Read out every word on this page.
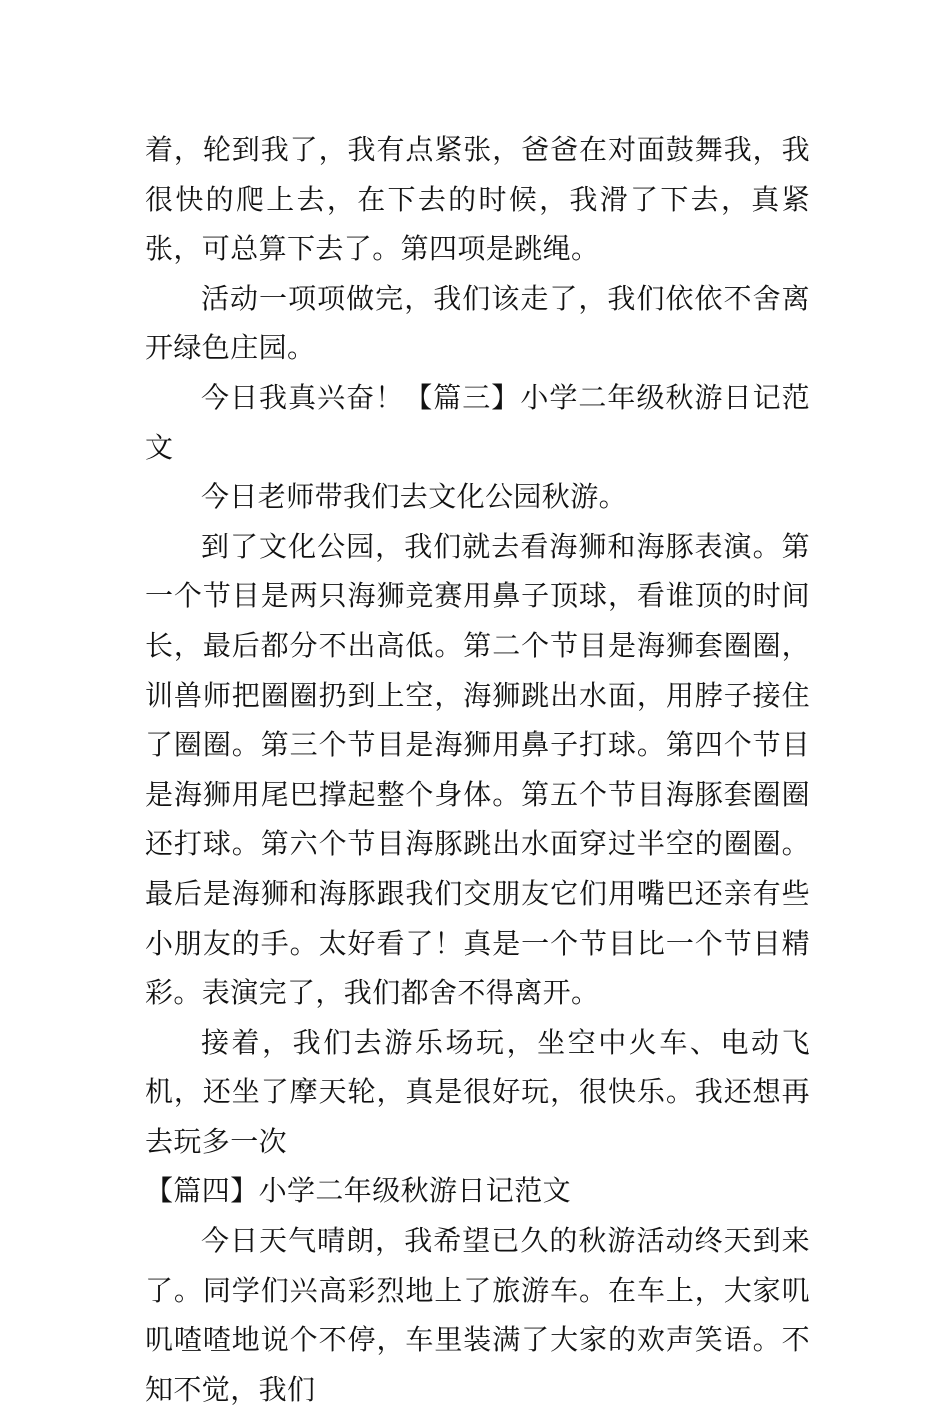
着，轮到我了，我有点紧张，爸爸在对面鼓舞我，我很快的爬上去，在下去的时候，我滑了下去，真紧张，可总算下去了。第四项是跳绳。

活动一项项做完，我们该走了，我们依依不舍离开绿色庄园。

今日我真兴奋！【篇三】小学二年级秋游日记范文

今日老师带我们去文化公园秋游。

到了文化公园，我们就去看海狮和海豚表演。第一个节目是两只海狮竞赛用鼻子顶球，看谁顶的时间长，最后都分不出高低。第二个节目是海狮套圈圈，训兽师把圈圈扔到上空，海狮跳出水面，用脖子接住了圈圈。第三个节目是海狮用鼻子打球。第四个节目是海狮用尾巴撑起整个身体。第五个节目海豚套圈圈还打球。第六个节目海豚跳出水面穿过半空的圈圈。最后是海狮和海豚跟我们交朋友它们用嘴巴还亲有些小朋友的手。太好看了！真是一个节目比一个节目精彩。表演完了，我们都舍不得离开。

接着，我们去游乐场玩，坐空中火车、电动飞机，还坐了摩天轮，真是很好玩，很快乐。我还想再去玩多一次

【篇四】小学二年级秋游日记范文

今日天气晴朗，我希望已久的秋游活动终天到来了。同学们兴高彩烈地上了旅游车。在车上，大家叽叽喳喳地说个不停，车里装满了大家的欢声笑语。不知不觉，我们
